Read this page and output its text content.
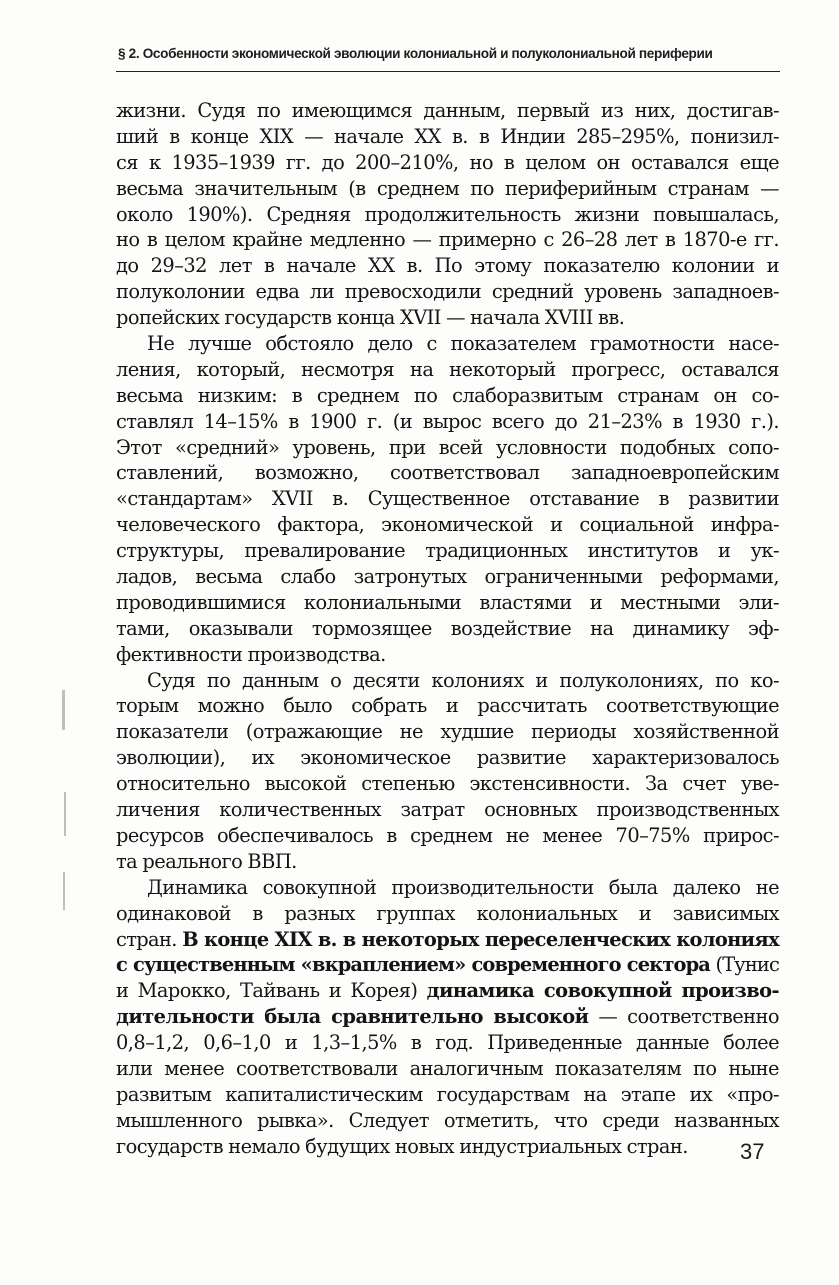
§ 2. Особенности экономической эволюции колониальной и полуколониальной периферии
жизни. Судя по имеющимся данным, первый из них, достигав-
ший в конце XIX — начале XX в. в Индии 285–295%, понизил-
ся к 1935–1939 гг. до 200–210%, но в целом он оставался еще
весьма значительным (в среднем по периферийным странам —
около 190%). Средняя продолжительность жизни повышалась,
но в целом крайне медленно — примерно с 26–28 лет в 1870-е гг.
до 29–32 лет в начале XX в. По этому показателю колонии и
полуколонии едва ли превосходили средний уровень западноев-
ропейских государств конца XVII — начала XVIII вв.
Не лучше обстояло дело с показателем грамотности насе-
ления, который, несмотря на некоторый прогресс, оставался
весьма низким: в среднем по слаборазвитым странам он со-
ставлял 14–15% в 1900 г. (и вырос всего до 21–23% в 1930 г.).
Этот «средний» уровень, при всей условности подобных сопо-
ставлений, возможно, соответствовал западноевропейским
«стандартам» XVII в. Существенное отставание в развитии
человеческого фактора, экономической и социальной инфра-
структуры, превалирование традиционных институтов и ук-
ладов, весьма слабо затронутых ограниченными реформами,
проводившимися колониальными властями и местными эли-
тами, оказывали тормозящее воздействие на динамику эф-
фективности производства.
Судя по данным о десяти колониях и полуколониях, по ко-
торым можно было собрать и рассчитать соответствующие
показатели (отражающие не худшие периоды хозяйственной
эволюции), их экономическое развитие характеризовалось
относительно высокой степенью экстенсивности. За счет уве-
личения количественных затрат основных производственных
ресурсов обеспечивалось в среднем не менее 70–75% прирос-
та реального ВВП.
Динамика совокупной производительности была далеко не
одинаковой в разных группах колониальных и зависимых
стран. В конце XIX в. в некоторых переселенческих колониях
с существенным «вкраплением» современного сектора (Тунис
и Марокко, Тайвань и Корея) динамика совокупной произво-
дительности была сравнительно высокой — соответственно
0,8–1,2, 0,6–1,0 и 1,3–1,5% в год. Приведенные данные более
или менее соответствовали аналогичным показателям по ныне
развитым капиталистическим государствам на этапе их «про-
мышленного рывка». Следует отметить, что среди названных
государств немало будущих новых индустриальных стран.	37
